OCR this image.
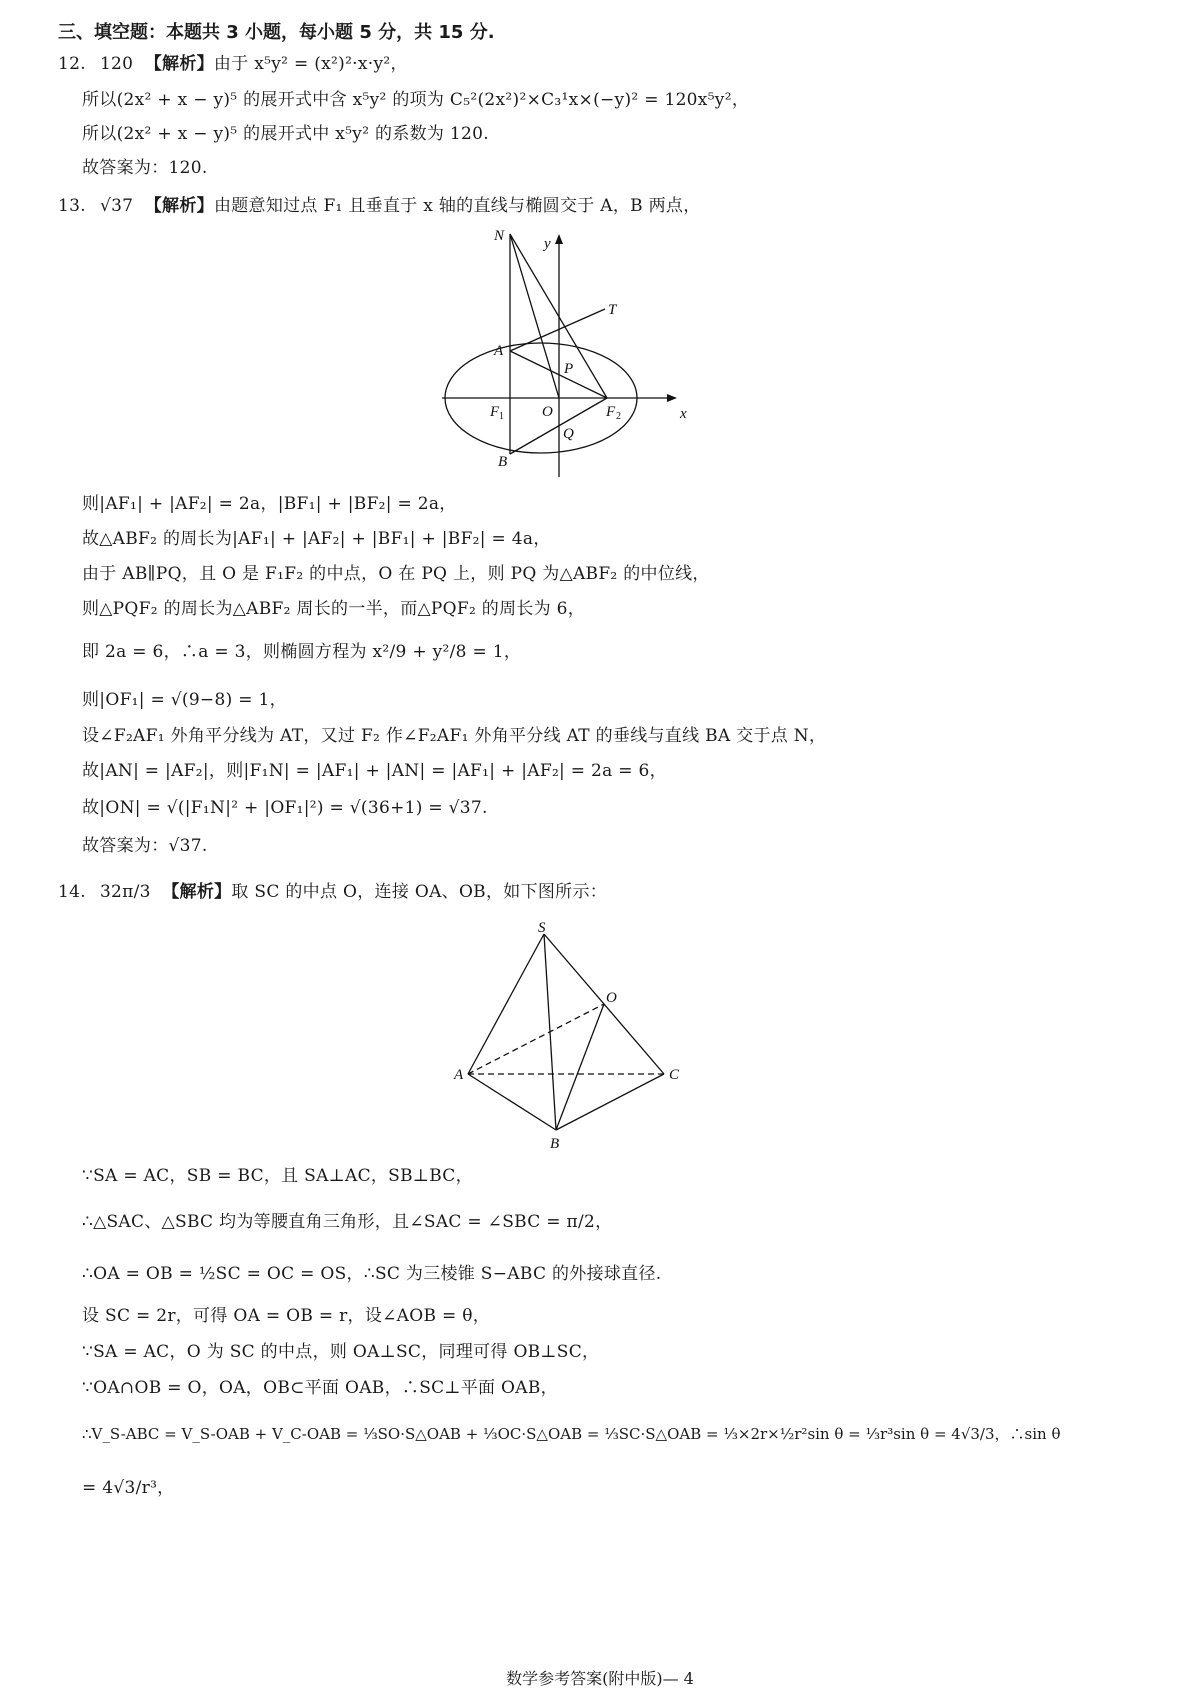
三、填空题：本题共 3 小题，每小题 5 分，共 15 分.
12. 120 【解析】由于 x⁵y² = (x²)²·x·y²，
所以(2x² + x − y)⁵ 的展开式中含 x⁵y² 的项为 C₅²(2x²)²×C₃¹x×(−y)² = 120x⁵y²，
所以(2x² + x − y)⁵ 的展开式中 x⁵y² 的系数为 120.
故答案为：120.
13. √37 【解析】由题意知过点 F₁ 且垂直于 x 轴的直线与椭圆交于 A，B 两点，
N	y
T
A
P
F 1	O	F 2	x
Q
B
则|AF₁| + |AF₂| = 2a，|BF₁| + |BF₂| = 2a，
故△ABF₂ 的周长为|AF₁| + |AF₂| + |BF₁| + |BF₂| = 4a，
由于 AB∥PQ，且 O 是 F₁F₂ 的中点，O 在 PQ 上，则 PQ 为△ABF₂ 的中位线，
则△PQF₂ 的周长为△ABF₂ 周长的一半，而△PQF₂ 的周长为 6，
即 2a = 6，∴a = 3，则椭圆方程为 x²/9 + y²/8 = 1，
则|OF₁| = √(9−8) = 1，
设∠F₂AF₁ 外角平分线为 AT，又过 F₂ 作∠F₂AF₁ 外角平分线 AT 的垂线与直线 BA 交于点 N，
故|AN| = |AF₂|，则|F₁N| = |AF₁| + |AN| = |AF₁| + |AF₂| = 2a = 6，
故|ON| = √(|F₁N|² + |OF₁|²) = √(36+1) = √37.
故答案为：√37.
14. 32π/3 【解析】取 SC 的中点 O，连接 OA、OB，如下图所示：
S
O
A	C
B
∵SA = AC，SB = BC，且 SA⊥AC，SB⊥BC，
∴△SAC、△SBC 均为等腰直角三角形，且∠SAC = ∠SBC = π/2，
∴OA = OB = ½SC = OC = OS，∴SC 为三棱锥 S−ABC 的外接球直径.
设 SC = 2r，可得 OA = OB = r，设∠AOB = θ，
∵SA = AC，O 为 SC 的中点，则 OA⊥SC，同理可得 OB⊥SC，
∵OA∩OB = O，OA，OB⊂平面 OAB，∴SC⊥平面 OAB，
∴V_S-ABC = V_S-OAB + V_C-OAB = ⅓SO·S△OAB + ⅓OC·S△OAB = ⅓SC·S△OAB = ⅓×2r×½r²sin θ = ⅓r³sin θ = 4√3/3，∴sin θ
= 4√3/r³，
数学参考答案(附中版)— 4
